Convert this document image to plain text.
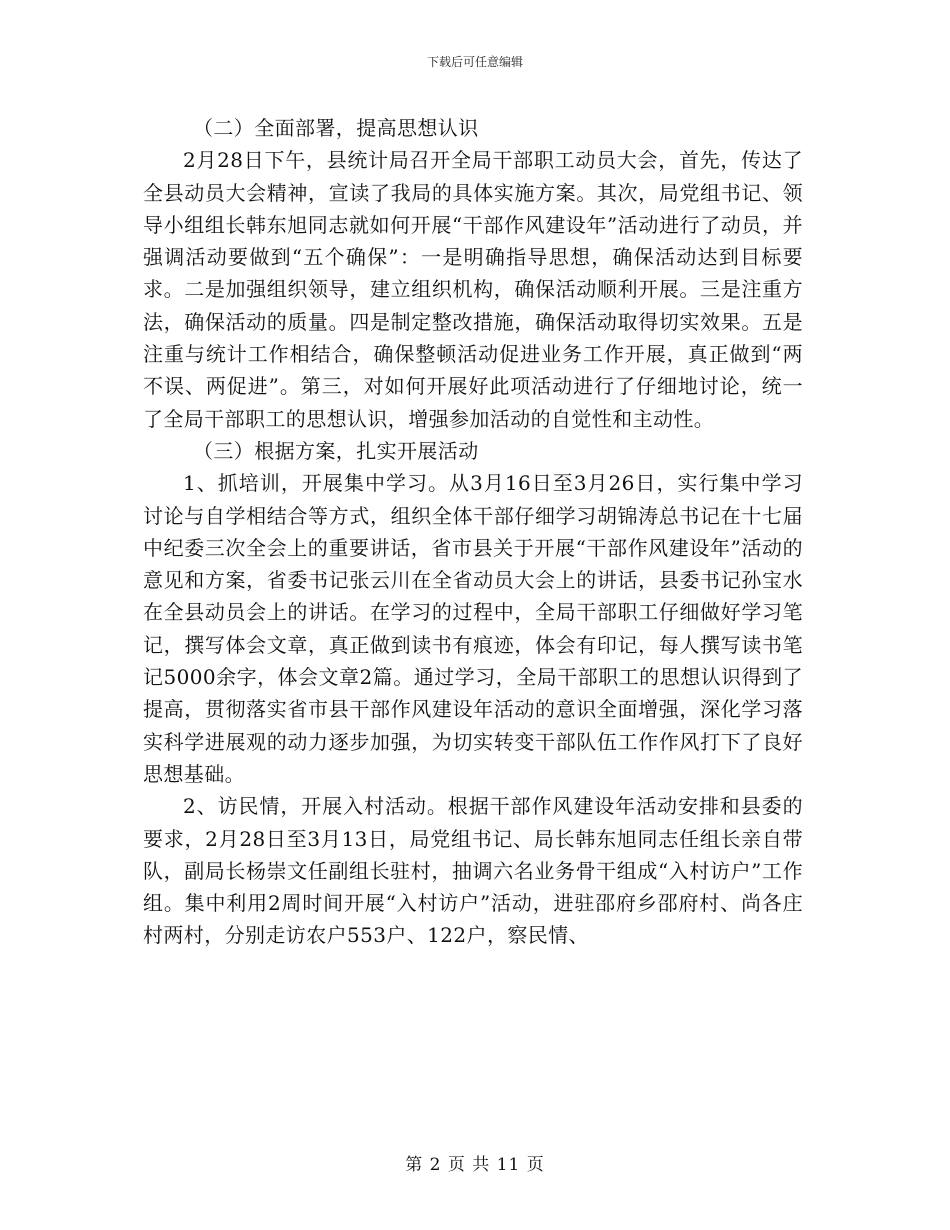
下载后可任意编辑

（二）全面部署，提高思想认识

2月28日下午，县统计局召开全局干部职工动员大会，首先，传达了全县动员大会精神，宣读了我局的具体实施方案。其次，局党组书记、领导小组组长韩东旭同志就如何开展“干部作风建设年”活动进行了动员，并强调活动要做到“五个确保”：一是明确指导思想，确保活动达到目标要求。二是加强组织领导，建立组织机构，确保活动顺利开展。三是注重方法，确保活动的质量。四是制定整改措施，确保活动取得切实效果。五是注重与统计工作相结合，确保整顿活动促进业务工作开展，真正做到“两不误、两促进”。第三，对如何开展好此项活动进行了仔细地讨论，统一了全局干部职工的思想认识，增强参加活动的自觉性和主动性。

（三）根据方案，扎实开展活动

1、抓培训，开展集中学习。从3月16日至3月26日，实行集中学习讨论与自学相结合等方式，组织全体干部仔细学习胡锦涛总书记在十七届中纪委三次全会上的重要讲话，省市县关于开展“干部作风建设年”活动的意见和方案，省委书记张云川在全省动员大会上的讲话，县委书记孙宝水在全县动员会上的讲话。在学习的过程中，全局干部职工仔细做好学习笔记，撰写体会文章，真正做到读书有痕迹，体会有印记，每人撰写读书笔记5000余字，体会文章2篇。通过学习，全局干部职工的思想认识得到了提高，贯彻落实省市县干部作风建设年活动的意识全面增强，深化学习落实科学进展观的动力逐步加强，为切实转变干部队伍工作作风打下了良好思想基础。

2、访民情，开展入村活动。根据干部作风建设年活动安排和县委的要求，2月28日至3月13日，局党组书记、局长韩东旭同志任组长亲自带队，副局长杨崇文任副组长驻村，抽调六名业务骨干组成“入村访户”工作组。集中利用2周时间开展“入村访户”活动，进驻邵府乡邵府村、尚各庄村两村，分别走访农户553户、122户，察民情、

第 2 页 共 11 页
